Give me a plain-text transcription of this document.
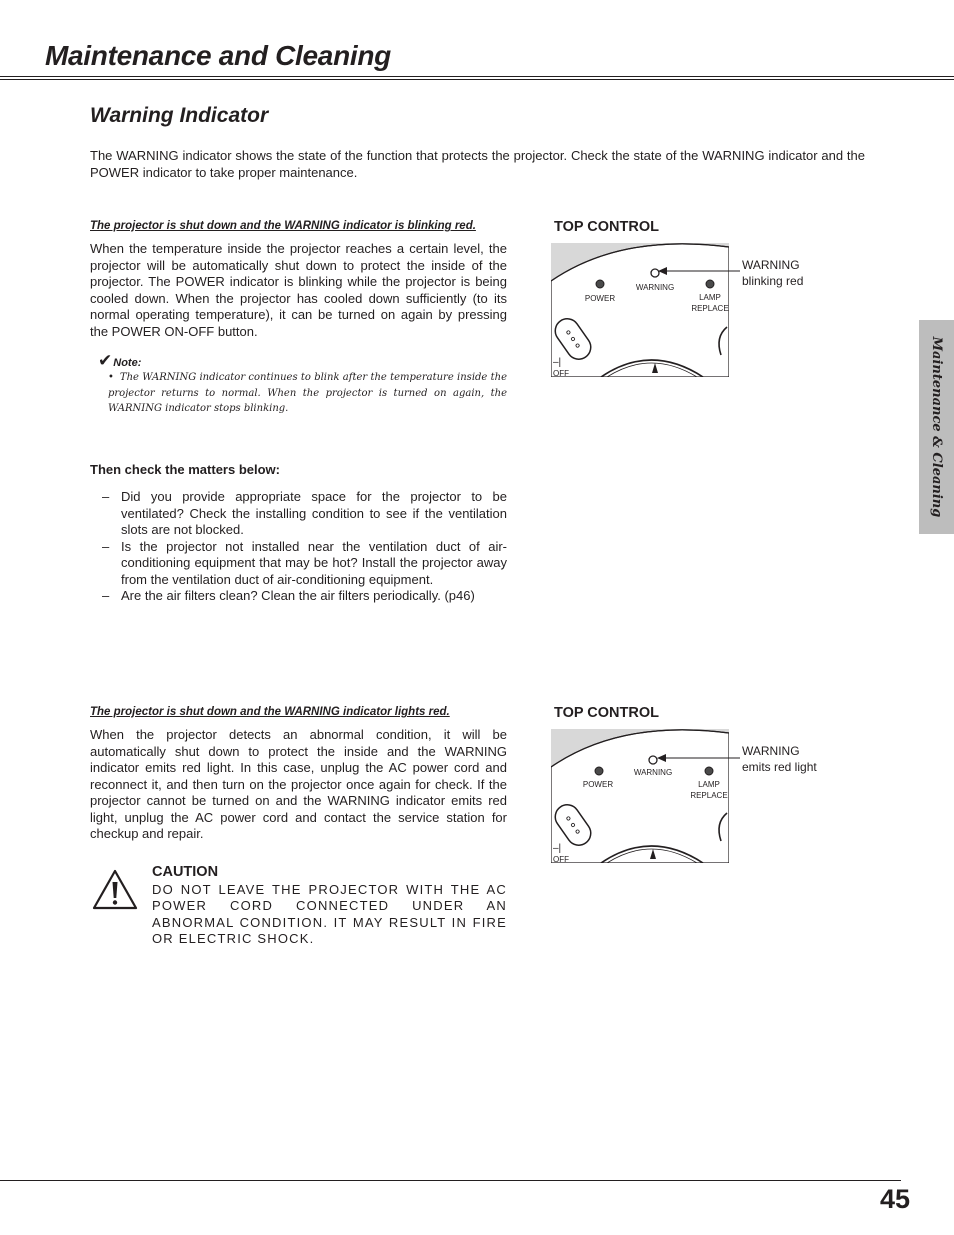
Maintenance and Cleaning
Warning Indicator

The WARNING indicator shows the state of the function that protects the projector. Check the state of the WARNING indicator and the POWER indicator to take proper maintenance.

The projector is shut down and the WARNING indicator is blinking red.

When the temperature inside the projector reaches a certain level, the projector will be automatically shut down to protect the inside of the projector. The POWER indicator is blinking while the projector is being cooled down. When the projector has cooled down sufficiently (to its normal operating temperature), it can be turned on again by pressing the POWER ON-OFF button.

✔Note:

• The WARNING indicator continues to blink after the temperature inside the projector returns to normal. When the projector is turned on again, the WARNING indicator stops blinking.

Then check the matters below:

– Did you provide appropriate space for the projector to be ventilated? Check the installing condition to see if the ventilation slots are not blocked.
– Is the projector not installed near the ventilation duct of air-conditioning equipment that may be hot? Install the projector away from the ventilation duct of air-conditioning equipment.
– Are the air filters clean? Clean the air filters periodically. (p46)

TOP CONTROL

POWER
WARNING
LAMP
REPLACE
–|
OFF
WARNING
blinking red
Maintenance & Cleaning

The projector is shut down and the WARNING indicator lights red.

When the projector detects an abnormal condition, it will be automatically shut down to protect the inside and the WARNING indicator emits red light. In this case, unplug the AC power cord and reconnect it, and then turn on the projector once again for check. If the projector cannot be turned on and the WARNING indicator emits red light, unplug the AC power cord and contact the service station for checkup and repair.

TOP CONTROL

POWER
WARNING
LAMP
REPLACE
–|
OFF
WARNING
emits red light

CAUTION

DO NOT LEAVE THE PROJECTOR WITH THE AC POWER CORD CONNECTED UNDER AN ABNORMAL CONDITION. IT MAY RESULT IN FIRE OR ELECTRIC SHOCK.

45
